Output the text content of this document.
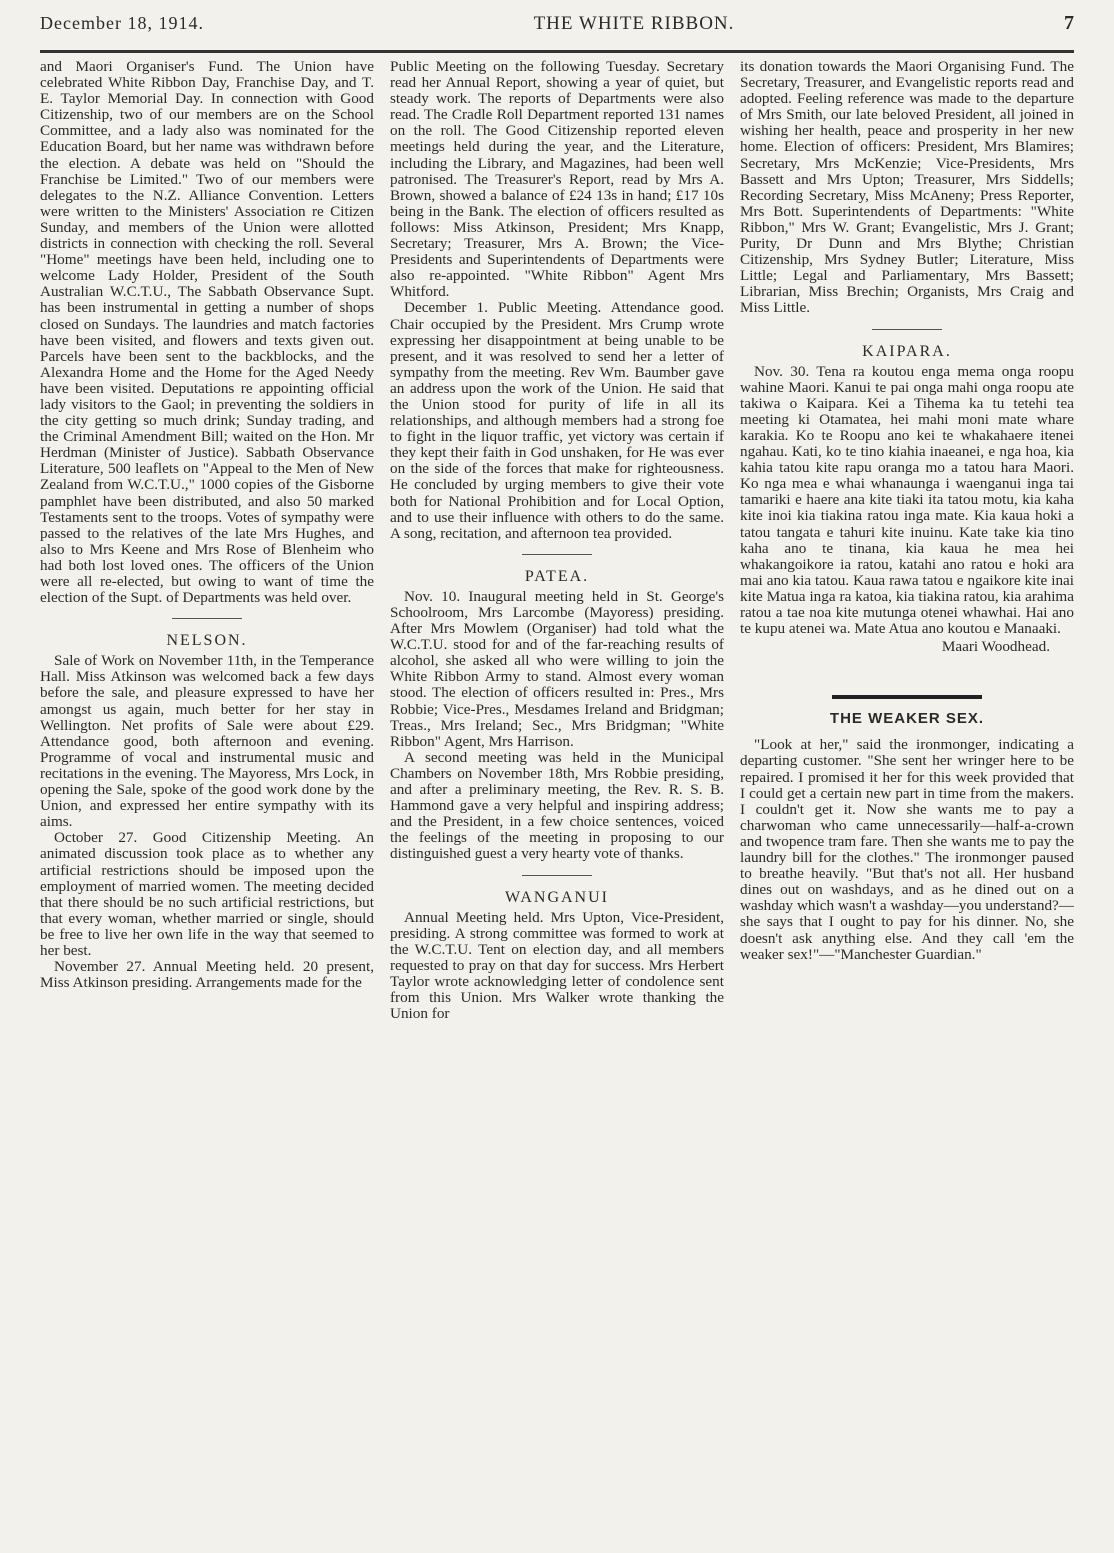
December 18, 1914.	THE WHITE RIBBON.	7

and Maori Organiser's Fund. The Union have celebrated White Ribbon Day, Franchise Day, and T. E. Taylor Memorial Day. In connection with Good Citizenship, two of our members are on the School Committee, and a lady also was nominated for the Education Board, but her name was withdrawn before the election. A debate was held on "Should the Franchise be Limited." Two of our members were delegates to the N.Z. Alliance Convention. Letters were written to the Ministers' Association re Citizen Sunday, and members of the Union were allotted districts in connection with checking the roll. Several "Home" meetings have been held, including one to welcome Lady Holder, President of the South Australian W.C.T.U., The Sabbath Observance Supt. has been instrumental in getting a number of shops closed on Sundays. The laundries and match factories have been visited, and flowers and texts given out. Parcels have been sent to the backblocks, and the Alexandra Home and the Home for the Aged Needy have been visited. Deputations re appointing official lady visitors to the Gaol; in preventing the soldiers in the city getting so much drink; Sunday trading, and the Criminal Amendment Bill; waited on the Hon. Mr Herdman (Minister of Justice). Sabbath Observance Literature, 500 leaflets on "Appeal to the Men of New Zealand from W.C.T.U.," 1000 copies of the Gisborne pamphlet have been distributed, and also 50 marked Testaments sent to the troops. Votes of sympathy were passed to the relatives of the late Mrs Hughes, and also to Mrs Keene and Mrs Rose of Blenheim who had both lost loved ones. The officers of the Union were all re-elected, but owing to want of time the election of the Supt. of Departments was held over.

NELSON.

Sale of Work on November 11th, in the Temperance Hall. Miss Atkinson was welcomed back a few days before the sale, and pleasure expressed to have her amongst us again, much better for her stay in Wellington. Net profits of Sale were about £29. Attendance good, both afternoon and evening. Programme of vocal and instrumental music and recitations in the evening. The Mayoress, Mrs Lock, in opening the Sale, spoke of the good work done by the Union, and expressed her entire sympathy with its aims.

October 27. Good Citizenship Meeting. An animated discussion took place as to whether any artificial restrictions should be imposed upon the employment of married women. The meeting decided that there should be no such artificial restrictions, but that every woman, whether married or single, should be free to live her own life in the way that seemed to her best.

November 27. Annual Meeting held. 20 present, Miss Atkinson presiding. Arrangements made for the

Public Meeting on the following Tuesday. Secretary read her Annual Report, showing a year of quiet, but steady work. The reports of Departments were also read. The Cradle Roll Department reported 131 names on the roll. The Good Citizenship reported eleven meetings held during the year, and the Literature, including the Library, and Magazines, had been well patronised. The Treasurer's Report, read by Mrs A. Brown, showed a balance of £24 13s in hand; £17 10s being in the Bank. The election of officers resulted as follows: Miss Atkinson, President; Mrs Knapp, Secretary; Treasurer, Mrs A. Brown; the Vice-Presidents and Superintendents of Departments were also re-appointed. "White Ribbon" Agent Mrs Whitford.

December 1. Public Meeting. Attendance good. Chair occupied by the President. Mrs Crump wrote expressing her disappointment at being unable to be present, and it was resolved to send her a letter of sympathy from the meeting. Rev Wm. Baumber gave an address upon the work of the Union. He said that the Union stood for purity of life in all its relationships, and although members had a strong foe to fight in the liquor traffic, yet victory was certain if they kept their faith in God unshaken, for He was ever on the side of the forces that make for righteousness. He concluded by urging members to give their vote both for National Prohibition and for Local Option, and to use their influence with others to do the same. A song, recitation, and afternoon tea provided.

PATEA.

Nov. 10. Inaugural meeting held in St. George's Schoolroom, Mrs Larcombe (Mayoress) presiding. After Mrs Mowlem (Organiser) had told what the W.C.T.U. stood for and of the far-reaching results of alcohol, she asked all who were willing to join the White Ribbon Army to stand. Almost every woman stood. The election of officers resulted in: Pres., Mrs Robbie; Vice-Pres., Mesdames Ireland and Bridgman; Treas., Mrs Ireland; Sec., Mrs Bridgman; "White Ribbon" Agent, Mrs Harrison.

A second meeting was held in the Municipal Chambers on November 18th, Mrs Robbie presiding, and after a preliminary meeting, the Rev. R. S. B. Hammond gave a very helpful and inspiring address; and the President, in a few choice sentences, voiced the feelings of the meeting in proposing to our distinguished guest a very hearty vote of thanks.

WANGANUI

Annual Meeting held. Mrs Upton, Vice-President, presiding. A strong committee was formed to work at the W.C.T.U. Tent on election day, and all members requested to pray on that day for success. Mrs Herbert Taylor wrote acknowledging letter of condolence sent from this Union. Mrs Walker wrote thanking the Union for

its donation towards the Maori Organising Fund. The Secretary, Treasurer, and Evangelistic reports read and adopted. Feeling reference was made to the departure of Mrs Smith, our late beloved President, all joined in wishing her health, peace and prosperity in her new home. Election of officers: President, Mrs Blamires; Secretary, Mrs McKenzie; Vice-Presidents, Mrs Bassett and Mrs Upton; Treasurer, Mrs Siddells; Recording Secretary, Miss McAneny; Press Reporter, Mrs Bott. Superintendents of Departments: "White Ribbon," Mrs W. Grant; Evangelistic, Mrs J. Grant; Purity, Dr Dunn and Mrs Blythe; Christian Citizenship, Mrs Sydney Butler; Literature, Miss Little; Legal and Parliamentary, Mrs Bassett; Librarian, Miss Brechin; Organists, Mrs Craig and Miss Little.

KAIPARA.

Nov. 30. Tena ra koutou enga mema onga roopu wahine Maori. Kanui te pai onga mahi onga roopu ate takiwa o Kaipara. Kei a Tihema ka tu tetehi tea meeting ki Otamatea, hei mahi moni mate whare karakia. Ko te Roopu ano kei te whakahaere itenei ngahau. Kati, ko te tino kiahia inaeanei, e nga hoa, kia kahia tatou kite rapu oranga mo a tatou hara Maori. Ko nga mea e whai whanaunga i waenganui inga tai tamariki e haere ana kite tiaki ita tatou motu, kia kaha kite inoi kia tiakina ratou inga mate. Kia kaua hoki a tatou tangata e tahuri kite inuinu. Kate take kia tino kaha ano te tinana, kia kaua he mea hei whakangoikore ia ratou, katahi ano ratou e hoki ara mai ano kia tatou. Kaua rawa tatou e ngaikore kite inai kite Matua inga ra katoa, kia tiakina ratou, kia arahima ratou a tae noa kite mutunga otenei whawhai. Hai ano te kupu atenei wa. Mate Atua ano koutou e Manaaki.

Maari Woodhead.
THE WEAKER SEX.

"Look at her," said the ironmonger, indicating a departing customer. "She sent her wringer here to be repaired. I promised it her for this week provided that I could get a certain new part in time from the makers. I couldn't get it. Now she wants me to pay a charwoman who came unnecessarily—half-a-crown and twopence tram fare. Then she wants me to pay the laundry bill for the clothes." The ironmonger paused to breathe heavily. "But that's not all. Her husband dines out on washdays, and as he dined out on a washday which wasn't a washday—you understand?—she says that I ought to pay for his dinner. No, she doesn't ask anything else. And they call 'em the weaker sex!"—"Manchester Guardian."
